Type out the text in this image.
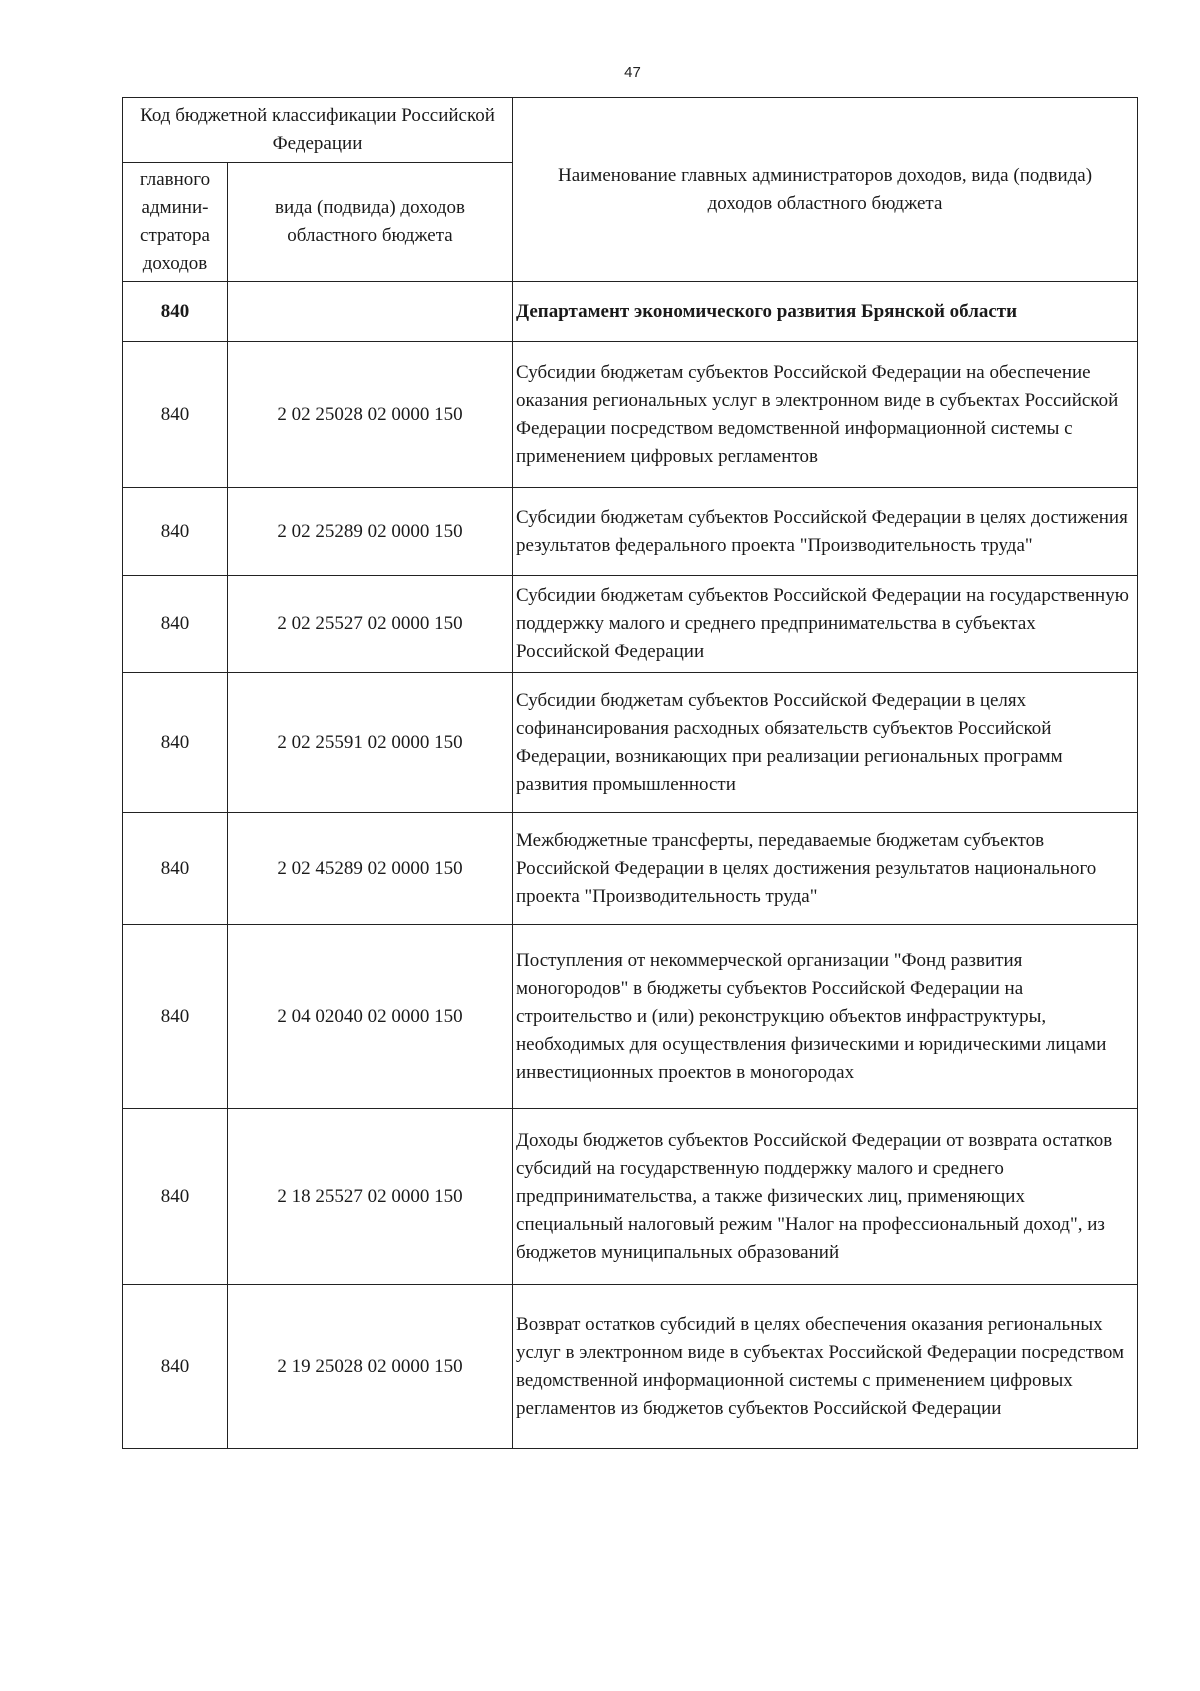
47
Код бюджетной классификации Российской Федерации		Наименование главных администраторов доходов, вида (подвида) доходов областного бюджета
главного админи-стратора доходов	вида (подвида) доходов областного бюджета	
840		Департамент экономического развития Брянской области
840	2 02 25028 02 0000 150	Субсидии бюджетам субъектов Российской Федерации на обеспечение оказания региональных услуг в электронном виде в субъектах Российской Федерации посредством ведомственной информационной системы с применением цифровых регламентов
840	2 02 25289 02 0000 150	Субсидии бюджетам субъектов Российской Федерации в целях достижения результатов федерального проекта "Производительность труда"
840	2 02 25527 02 0000 150	Субсидии бюджетам субъектов Российской Федерации на государственную поддержку малого и среднего предпринимательства в субъектах Российской Федерации
840	2 02 25591 02 0000 150	Субсидии бюджетам субъектов Российской Федерации в целях софинансирования расходных обязательств субъектов Российской Федерации, возникающих при реализации региональных программ развития промышленности
840	2 02 45289 02 0000 150	Межбюджетные трансферты, передаваемые бюджетам субъектов Российской Федерации в целях достижения результатов национального проекта "Производительность труда"
840	2 04 02040 02 0000 150	Поступления от некоммерческой организации "Фонд развития моногородов" в бюджеты субъектов Российской Федерации на строительство и (или) реконструкцию объектов инфраструктуры, необходимых для осуществления физическими и юридическими лицами инвестиционных проектов в моногородах
840	2 18 25527 02 0000 150	Доходы бюджетов субъектов Российской Федерации от возврата остатков субсидий на государственную поддержку малого и среднего предпринимательства, а также физических лиц, применяющих специальный налоговый режим "Налог на профессиональный доход", из бюджетов муниципальных образований
840	2 19 25028 02 0000 150	Возврат остатков субсидий в целях обеспечения оказания региональных услуг в электронном виде в субъектах Российской Федерации посредством ведомственной информационной системы с применением цифровых регламентов из бюджетов субъектов Российской Федерации
